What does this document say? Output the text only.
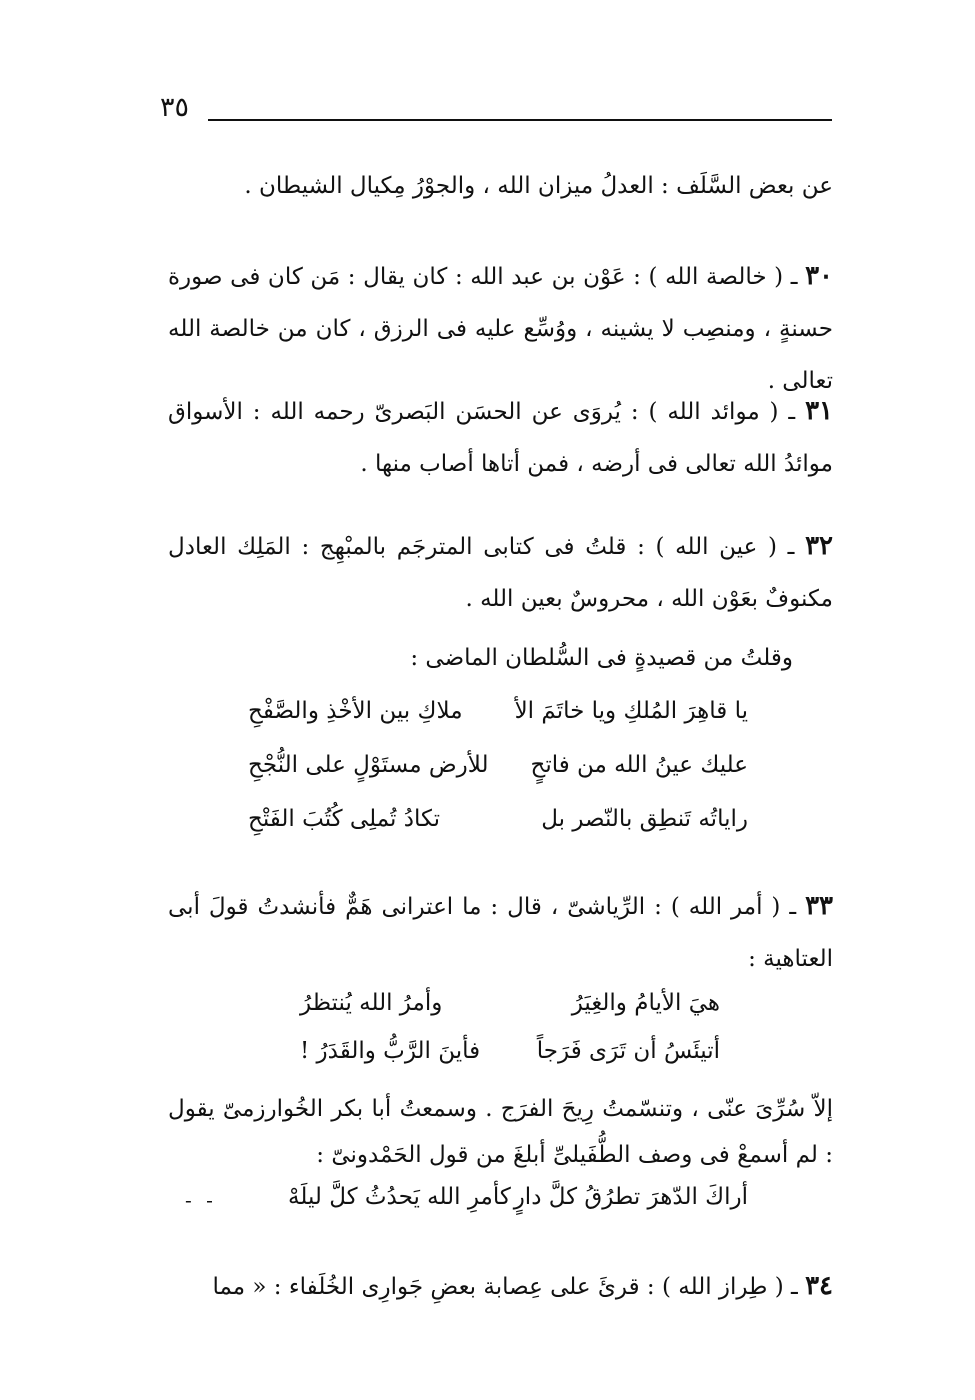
٣٥

عن بعض السَّلَف : العدلُ ميزان الله ، والجوْرُ مِكيال الشيطان .

٣٠ ـ ( خالصة الله ) : عَوْن بن عبد الله : كان يقال : مَن كان فى صورة حسنةٍ ، ومنصِب لا يشينه ، ووُسِّع عليه فى الرزق ، كان من خالصة الله تعالى .

٣١ ـ ( موائد الله ) : يُروَى عن الحسَن البَصرىّ رحمه الله : الأسواق موائدُ الله تعالى فى أرضه ، فمن أتاها أصاب منها .

٣٢ ـ ( عين الله ) : قلتُ فى كتابى المترجَم بالمبْهِج : المَلِك العادل مكنوفٌ بعَوْن الله ، محروسٌ بعين الله .

وقلتُ من قصيدةٍ فى السُّلطان الماضى :

يا قاهِرَ المُلكِ ويا خاتَمَ الأ
ملاكِ بين الأخْذِ والصَّفْحِ
عليك عينُ الله من فاتحٍ
للأرض مستَوْلٍ على النُّجْحِ
راياتُه تَنطِق بالنّصر بل
تكادُ تُملِى كُتُبَ الفَتْحِ

٣٣ ـ ( أمر الله ) : الرِّياشىّ ، قال : ما اعترانى هَمٌّ فأنشدتُ قولَ أبى العتاهية :

هيَ الأيامُ والغِيَرُ
وأمرُ الله يُنتظرُ
أتيئَسُ أن تَرَى فَرَجاً
فأينَ الرَّبُّ والقَدَرُ !

إلاّ سُرِّىَ عنّى ، وتنسّمتُ رِيحَ الفرَج . وسمعتُ أبا بكر الخُوارزمىّ يقول : لم أسمعْ فى وصف الطُّفَيلىِّ أبلغَ من قول الحَمْدونىّ :

أراكَ الدّهرَ تطرُقُ كلَّ دارٍ
كأمرِ الله يَحدُثُ كلَّ ليلَهْ
- -

٣٤ ـ ( طِراز الله ) : قرئَ على عِصابة بعضِ جَوارِى الخُلَفاء : « مما
